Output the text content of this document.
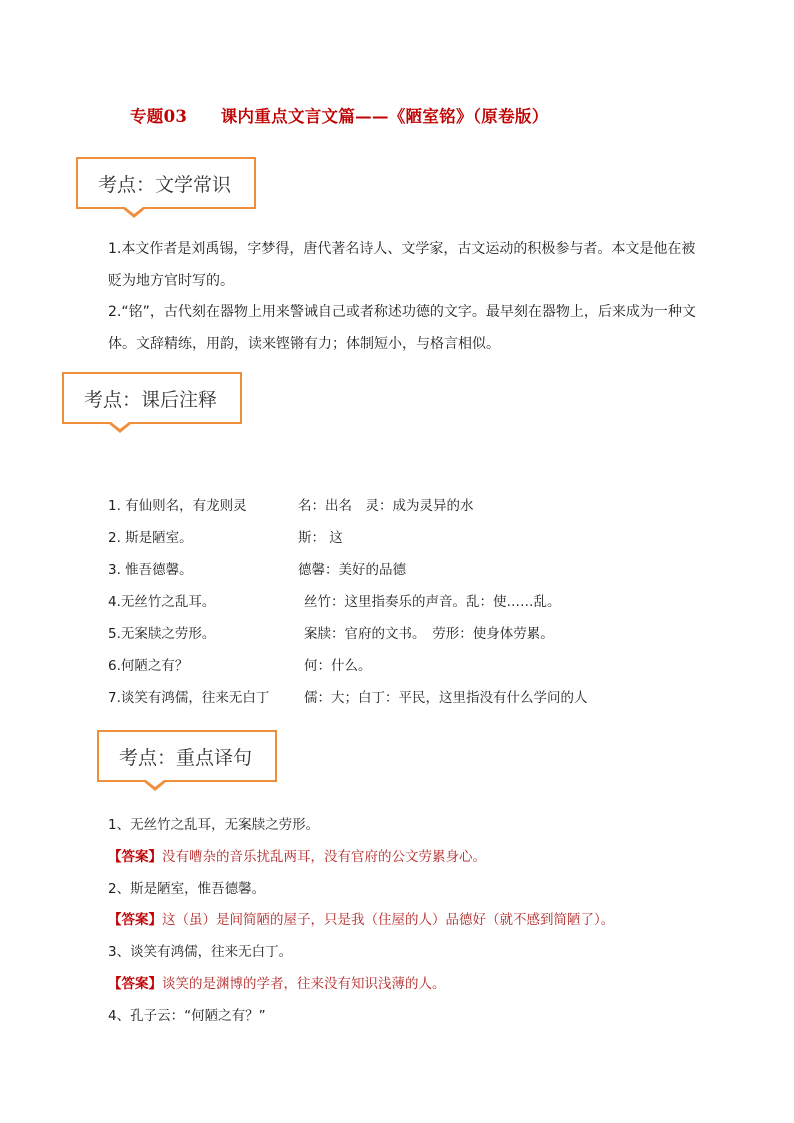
专题03　　课内重点文言文篇——《陋室铭》（原卷版）
考点：文学常识
1.本文作者是刘禹锡，字梦得，唐代著名诗人、文学家，古文运动的积极参与者。本文是他在被贬为地方官时写的。
2.“铭”，古代刻在器物上用来警诫自己或者称述功德的文字。最早刻在器物上，后来成为一种文体。文辞精练，用韵，读来铿锵有力；体制短小，与格言相似。
考点：课后注释
1. 有仙则名，有龙则灵	名：出名　灵：成为灵异的水
2. 斯是陋室。	斯： 这
3. 惟吾德馨。	德馨：美好的品德
4.无丝竹之乱耳。	丝竹：这里指奏乐的声音。乱：使……乱。
5.无案牍之劳形。	案牍：官府的文书。　劳形：使身体劳累。
6.何陋之有？	何：什么。
7.谈笑有鸿儒，往来无白丁	儒：大；白丁：平民，这里指没有什么学问的人
考点：重点译句
1、无丝竹之乱耳，无案牍之劳形。
【答案】没有嘈杂的音乐扰乱两耳，没有官府的公文劳累身心。
2、斯是陋室，惟吾德馨。
【答案】这（虽）是间简陋的屋子，只是我（住屋的人）品德好（就不感到简陋了）。
3、谈笑有鸿儒，往来无白丁。
【答案】谈笑的是渊博的学者，往来没有知识浅薄的人。
4、孔子云：“何陋之有？”
